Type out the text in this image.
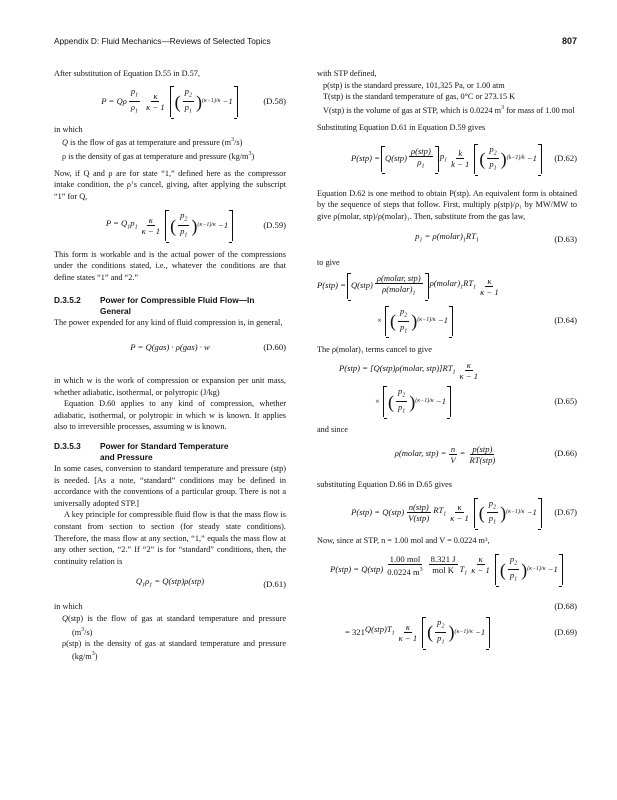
Appendix D: Fluid Mechanics—Reviews of Selected Topics	807

After substitution of Equation D.55 in D.57,

P = Qρ $\frac{p_1}{\rho_1} \frac{\kappa}{\kappa - 1}$ ( $\frac{p_2}{p_1}$ ) (κ−1)/κ −1	(D.58)

in which

Q is the flow of gas at temperature and pressure $(m^3/s)$

ρ is the density of gas at temperature and pressure $(kg/m^3)$

Now, if Q and ρ are for state “1,” defined here as the compressor intake condition, the ρ’s cancel, giving, after applying the subscript “1” for Q,

$P = Q_1p_1 \frac{\kappa}{\kappa - 1}$ ( $\frac{p_2}{p_1}$ ) (κ−1)/κ −1	(D.59)

This form is workable and is the actual power of the compressions under the conditions stated, i.e., whatever the conditions are that define states “1” and “2.”

D.3.5.2 Power for Compressible Fluid Flow—In
General

The power expended for any kind of fluid compression is, in general,

P = Q(gas) · ρ(gas) · w	(D.60)

in which w is the work of compression or expansion per unit mass, whether adiabatic, isothermal, or polytropic (J/kg)

Equation D.60 applies to any kind of compression, whether adiabatic, isothermal, or polytropic in which w is known. It applies also to irreversible processes, assuming w is known.

D.3.5.3 Power for Standard Temperature
and Pressure

In some cases, conversion to standard temperature and pressure (stp) is needed. [As a note, “standard” conditions may be defined in accordance with the conventions of a particular group. There is not a universally adopted STP.]

A key principle for compressible fluid flow is that the mass flow is constant from section to section (for steady state conditions). Therefore, the mass flow at any section, “1,” equals the mass flow at any other section, “2.” If “2” is for “standard” conditions, then, the continuity relation is

$Q_1\rho_1 = Q(stp)\rho(stp)$	(D.61)

in which

Q(stp) is the flow of gas at standard temperature and pressure $(m^3/s)$

ρ(stp) is the density of gas at standard temperature and pressure $(kg/m^3)$

with STP defined,

p(stp) is the standard pressure, 101,325 Pa, or 1.00 atm

T(stp) is the standard temperature of gas, 0°C or 273.15 K

V(stp) is the volume of gas at STP, which is 0.0224 $m^3$ for mass of 1.00 mol

Substituting Equation D.61 in Equation D.59 gives

$P(stp) = Q(stp) \frac{\text{ρ(stp)}}{\rho_1} p_1 \frac{k}{k - 1}$ ( $\frac{p_2}{p_1}$ ) (k−1)/k −1	(D.62)

Equation D.62 is one method to obtain P(stp). An equivalent form is obtained by the sequence of steps that follow. First, multiply ρ(stp)/ρ₁ by MW/MW to give ρ(molar, stp)/ρ(molar)₁. Then, substitute from the gas law,

$p_1$ = $\rho(molar)_1RT_1$	(D.63)

to give

$P(stp) = Q(stp) \frac{\text{ρ(molar, stp)}}{\rho(molar)_1}$ $\rho(molar)_1RT_1 \frac{\kappa}{\kappa - 1}$
× ( $\frac{p_2}{p_1}$ ) (κ−1)/κ −1	(D.64)

The ρ(molar)₁ terms cancel to give

P(stp) = [Q(stp)ρ(molar, $stp)]RT_1 \frac{\kappa}{\kappa - 1}$
× ( $\frac{p_2}{p_1}$ ) (κ−1)/κ −1	(D.65)

and since

ρ(molar, $stp) = \frac{n}{V} = \frac{\text{p(stp)}}{\text{RT(stp)}}$	(D.66)

substituting Equation D.66 in D.65 gives

$P(stp) = Q(stp) \frac{\text{n(stp)}}{\text{V(stp)}} RT_1 \frac{\kappa}{\kappa - 1}$ ( $\frac{p_2}{p_1}$ ) (κ−1)/κ −1	(D.67)

Now, since at STP, n = 1.00 mol and V = 0.0224 m³,

$P(stp) = Q(stp) \frac{\text{1.00 mol}}{0.0224 m^3} \frac{8.321 J}{\text{mol K}} T_1 \frac{\kappa}{\kappa - 1}$ ( $\frac{p_2}{p_1}$ ) (κ−1)/κ −1
(D.68)
= 321 $Q(stp)T_1 \frac{\kappa}{\kappa - 1}$ ( $\frac{p_2}{p_1}$ ) (κ−1)/κ −1	(D.69)
